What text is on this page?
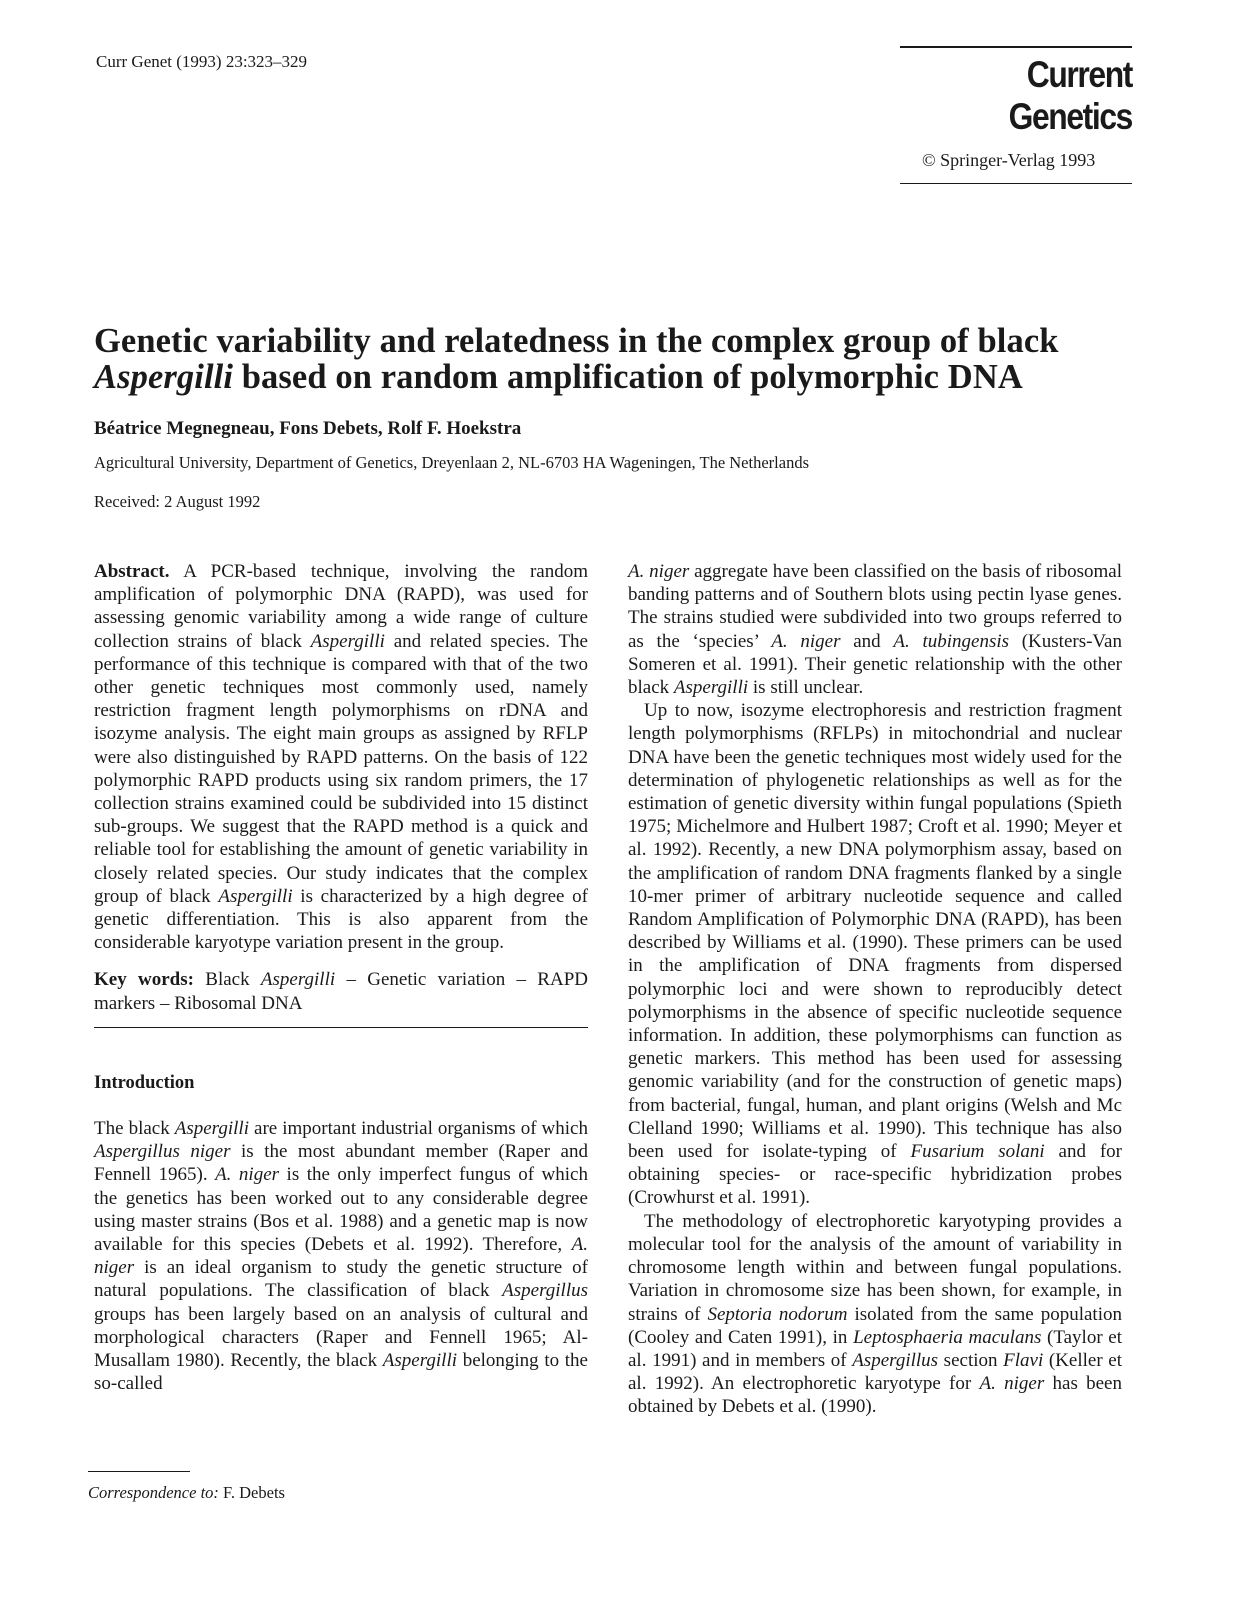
Curr Genet (1993) 23:323–329	Current Genetics
© Springer-Verlag 1993
Genetic variability and relatedness in the complex group of black
Aspergilli based on random amplification of polymorphic DNA
Béatrice Megnegneau, Fons Debets, Rolf F. Hoekstra
Agricultural University, Department of Genetics, Dreyenlaan 2, NL-6703 HA Wageningen, The Netherlands
Received: 2 August 1992

Abstract. A PCR-based technique, involving the random amplification of polymorphic DNA (RAPD), was used for assessing genomic variability among a wide range of culture collection strains of black Aspergilli and related species. The performance of this technique is compared with that of the two other genetic techniques most commonly used, namely restriction fragment length polymorphisms on rDNA and isozyme analysis. The eight main groups as assigned by RFLP were also distinguished by RAPD patterns. On the basis of 122 polymorphic RAPD products using six random primers, the 17 collection strains examined could be subdivided into 15 distinct sub-groups. We suggest that the RAPD method is a quick and reliable tool for establishing the amount of genetic variability in closely related species. Our study indicates that the complex group of black Aspergilli is characterized by a high degree of genetic differentiation. This is also apparent from the considerable karyotype variation present in the group.

Key words: Black Aspergilli – Genetic variation – RAPD markers – Ribosomal DNA

Introduction

The black Aspergilli are important industrial organisms of which Aspergillus niger is the most abundant member (Raper and Fennell 1965). A. niger is the only imperfect fungus of which the genetics has been worked out to any considerable degree using master strains (Bos et al. 1988) and a genetic map is now available for this species (Debets et al. 1992). Therefore, A. niger is an ideal organism to study the genetic structure of natural populations. The classification of black Aspergillus groups has been largely based on an analysis of cultural and morphological characters (Raper and Fennell 1965; Al-Musallam 1980). Recently, the black Aspergilli belonging to the so-called

A. niger aggregate have been classified on the basis of ribosomal banding patterns and of Southern blots using pectin lyase genes. The strains studied were subdivided into two groups referred to as the ‘species’ A. niger and A. tubingensis (Kusters-Van Someren et al. 1991). Their genetic relationship with the other black Aspergilli is still unclear.

Up to now, isozyme electrophoresis and restriction fragment length polymorphisms (RFLPs) in mitochondrial and nuclear DNA have been the genetic techniques most widely used for the determination of phylogenetic relationships as well as for the estimation of genetic diversity within fungal populations (Spieth 1975; Michelmore and Hulbert 1987; Croft et al. 1990; Meyer et al. 1992). Recently, a new DNA polymorphism assay, based on the amplification of random DNA fragments flanked by a single 10-mer primer of arbitrary nucleotide sequence and called Random Amplification of Polymorphic DNA (RAPD), has been described by Williams et al. (1990). These primers can be used in the amplification of DNA fragments from dispersed polymorphic loci and were shown to reproducibly detect polymorphisms in the absence of specific nucleotide sequence information. In addition, these polymorphisms can function as genetic markers. This method has been used for assessing genomic variability (and for the construction of genetic maps) from bacterial, fungal, human, and plant origins (Welsh and Mc Clelland 1990; Williams et al. 1990). This technique has also been used for isolate-typing of Fusarium solani and for obtaining species- or race-specific hybridization probes (Crowhurst et al. 1991).

The methodology of electrophoretic karyotyping provides a molecular tool for the analysis of the amount of variability in chromosome length within and between fungal populations. Variation in chromosome size has been shown, for example, in strains of Septoria nodorum isolated from the same population (Cooley and Caten 1991), in Leptosphaeria maculans (Taylor et al. 1991) and in members of Aspergillus section Flavi (Keller et al. 1992). An electrophoretic karyotype for A. niger has been obtained by Debets et al. (1990).

Correspondence to: F. Debets
